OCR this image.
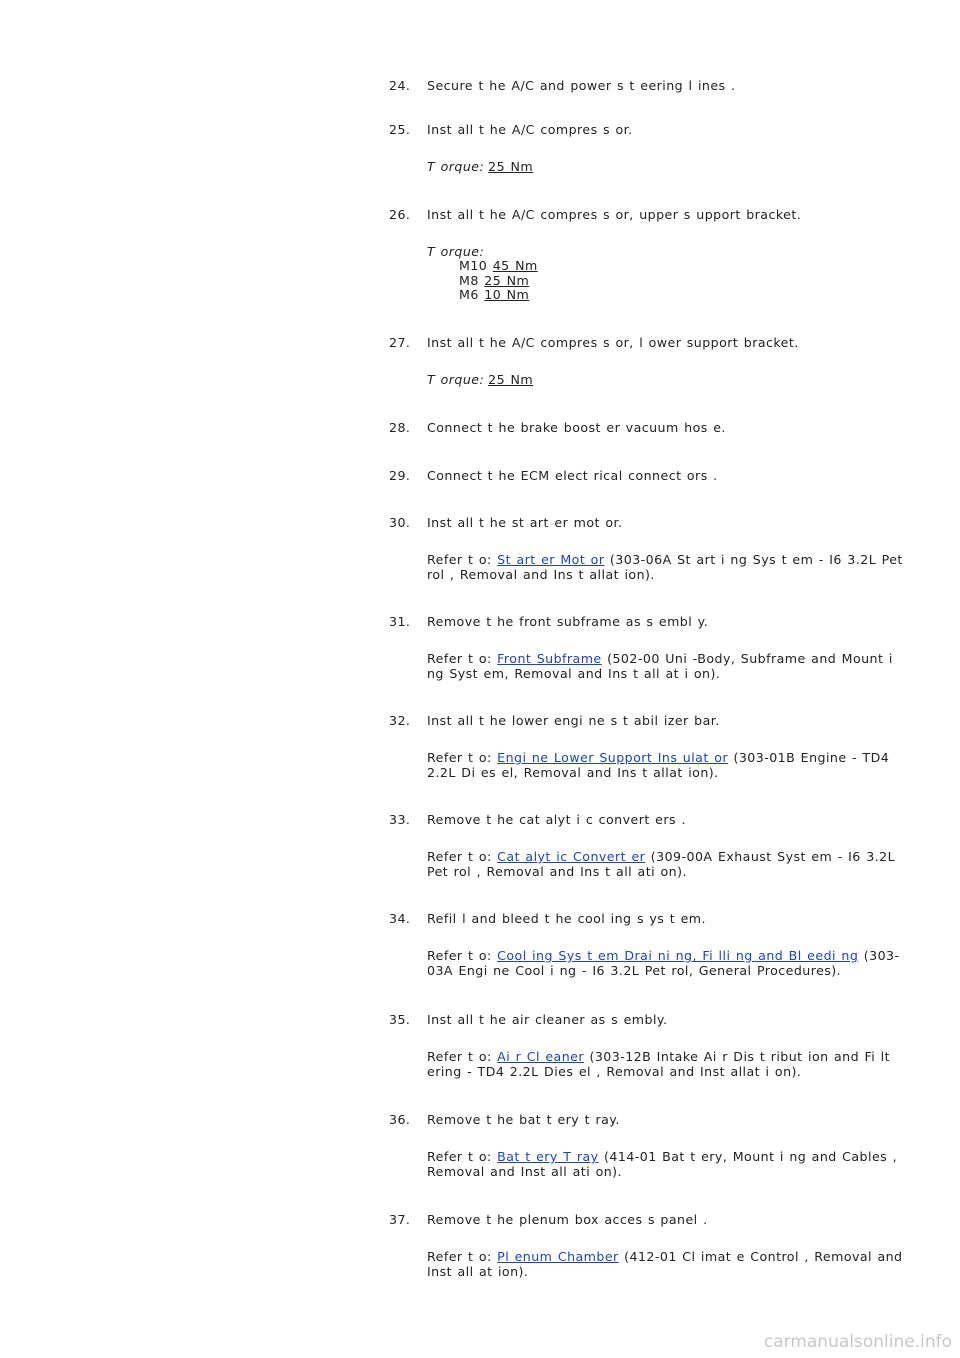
24.	Secure t he A/C and power s t eering l ines .
25.	Inst all t he A/C compres s or.
T orque: 25 Nm
26.	Inst all t he A/C compres s or, upper s upport bracket.
T orque:
M10 45 Nm
M8 25 Nm
M6 10 Nm
27.	Inst all t he A/C compres s or, l ower support bracket.
T orque: 25 Nm
28.	Connect t he brake boost er vacuum hos e.
29.	Connect t he ECM elect rical connect ors .
30.	Inst all t he st art er mot or.
Refer t o: St art er Mot or (303-06A St art i ng Sys t em - I6 3.2L Pet rol , Removal and Ins t allat ion).
31.	Remove t he front subframe as s embl y.
Refer t o: Front Subframe (502-00 Uni -Body, Subframe and Mount i ng Syst em, Removal and Ins t all at i on).
32.	Inst all t he lower engi ne s t abil izer bar.
Refer t o: Engi ne Lower Support Ins ulat or (303-01B Engine - TD4 2.2L Di es el, Removal and Ins t allat ion).
33.	Remove t he cat alyt i c convert ers .
Refer t o: Cat alyt ic Convert er (309-00A Exhaust Syst em - I6 3.2L Pet rol , Removal and Ins t all ati on).
34.	Refil l and bleed t he cool ing s ys t em.
Refer t o: Cool ing Sys t em Drai ni ng, Fi lli ng and Bl eedi ng (303-03A Engi ne Cool i ng - I6 3.2L Pet rol, General Procedures).
35.	Inst all t he air cleaner as s embly.
Refer t o: Ai r Cl eaner (303-12B Intake Ai r Dis t ribut ion and Fi lt ering - TD4 2.2L Dies el , Removal and Inst allat i on).
36.	Remove t he bat t ery t ray.
Refer t o: Bat t ery T ray (414-01 Bat t ery, Mount i ng and Cables , Removal and Inst all ati on).
37.	Remove t he plenum box acces s panel .
Refer t o: Pl enum Chamber (412-01 Cl imat e Control , Removal and Inst all at ion).
carmanualsonline.info
